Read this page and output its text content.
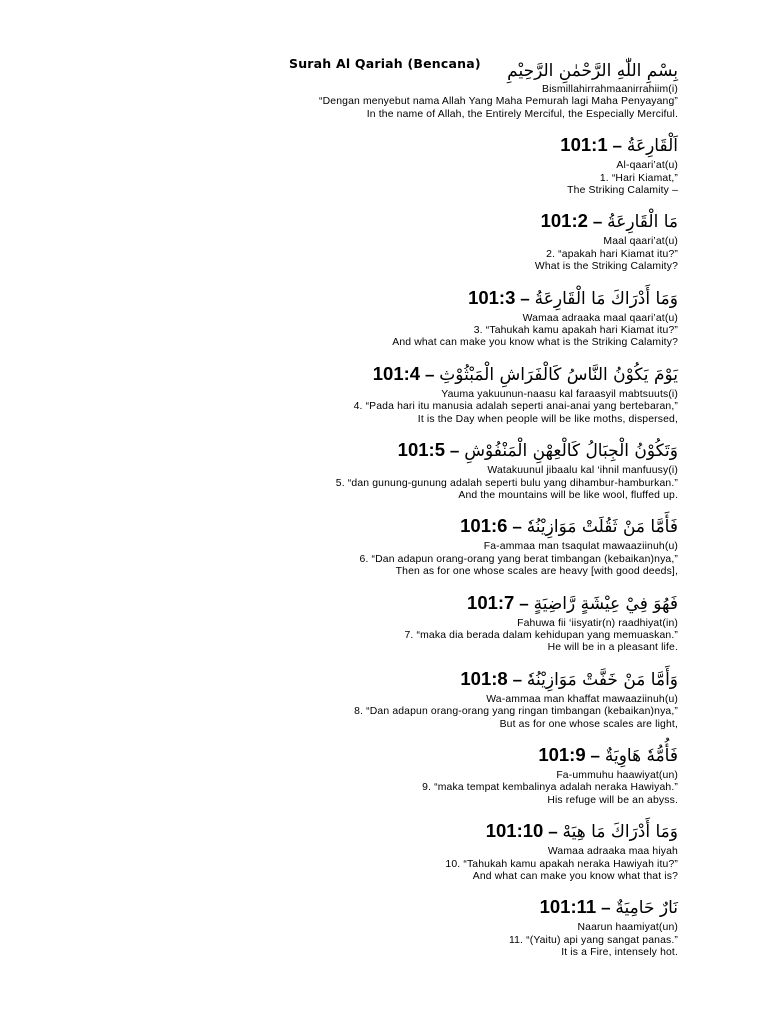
Surah Al Qariah (Bencana)	بِسْمِ اللّٰهِ الرَّحْمٰنِ الرَّحِيْمِ
Bismillahirrahmaanirrahiim(i)
“Dengan menyebut nama Allah Yang Maha Pemurah lagi Maha Penyayang”
In the name of Allah, the Entirely Merciful, the Especially Merciful.
101:1 – اَلْقَارِعَةُ
Al-qaari’at(u)
1. “Hari Kiamat,”
The Striking Calamity –
101:2 – مَا الْقَارِعَةُ
Maal qaari’at(u)
2. “apakah hari Kiamat itu?”
What is the Striking Calamity?
101:3 – وَمَا أَدْرَاكَ مَا الْقَارِعَةُ
Wamaa adraaka maal qaari’at(u)
3. “Tahukah kamu apakah hari Kiamat itu?”
And what can make you know what is the Striking Calamity?
101:4 – يَوْمَ يَكُوْنُ النَّاسُ كَالْفَرَاشِ الْمَبْثُوْثِ
Yauma yakuunun-naasu kal faraasyil mabtsuuts(i)
4. “Pada hari itu manusia adalah seperti anai-anai yang bertebaran,”
It is the Day when people will be like moths, dispersed,
101:5 – وَتَكُوْنُ الْجِبَالُ كَالْعِهْنِ الْمَنْفُوْشِ
Watakuunul jibaalu kal ‘ihnil manfuusy(i)
5. “dan gunung-gunung adalah seperti bulu yang dihambur-hamburkan.”
And the mountains will be like wool, fluffed up.
101:6 – فَأَمَّا مَنْ ثَقُلَتْ مَوَازِيْنُهٗ
Fa-ammaa man tsaqulat mawaaziinuh(u)
6. “Dan adapun orang-orang yang berat timbangan (kebaikan)nya,”
Then as for one whose scales are heavy [with good deeds],
101:7 – فَهُوَ فِيْ عِيْشَةٍ رَّاضِيَةٍ
Fahuwa fii ‘iisyatir(n) raadhiyat(in)
7. “maka dia berada dalam kehidupan yang memuaskan.”
He will be in a pleasant life.
101:8 – وَأَمَّا مَنْ خَفَّتْ مَوَازِيْنُهٗ
Wa-ammaa man khaffat mawaaziinuh(u)
8. “Dan adapun orang-orang yang ringan timbangan (kebaikan)nya,”
But as for one whose scales are light,
101:9 – فَأُمُّهٗ هَاوِيَةٌ
Fa-ummuhu haawiyat(un)
9. “maka tempat kembalinya adalah neraka Hawiyah.”
His refuge will be an abyss.
101:10 – وَمَا أَدْرَاكَ مَا هِيَهْ
Wamaa adraaka maa hiyah
10. “Tahukah kamu apakah neraka Hawiyah itu?”
And what can make you know what that is?
101:11 – نَارٌ حَامِيَةٌ
Naarun haamiyat(un)
11. “(Yaitu) api yang sangat panas.”
It is a Fire, intensely hot.
